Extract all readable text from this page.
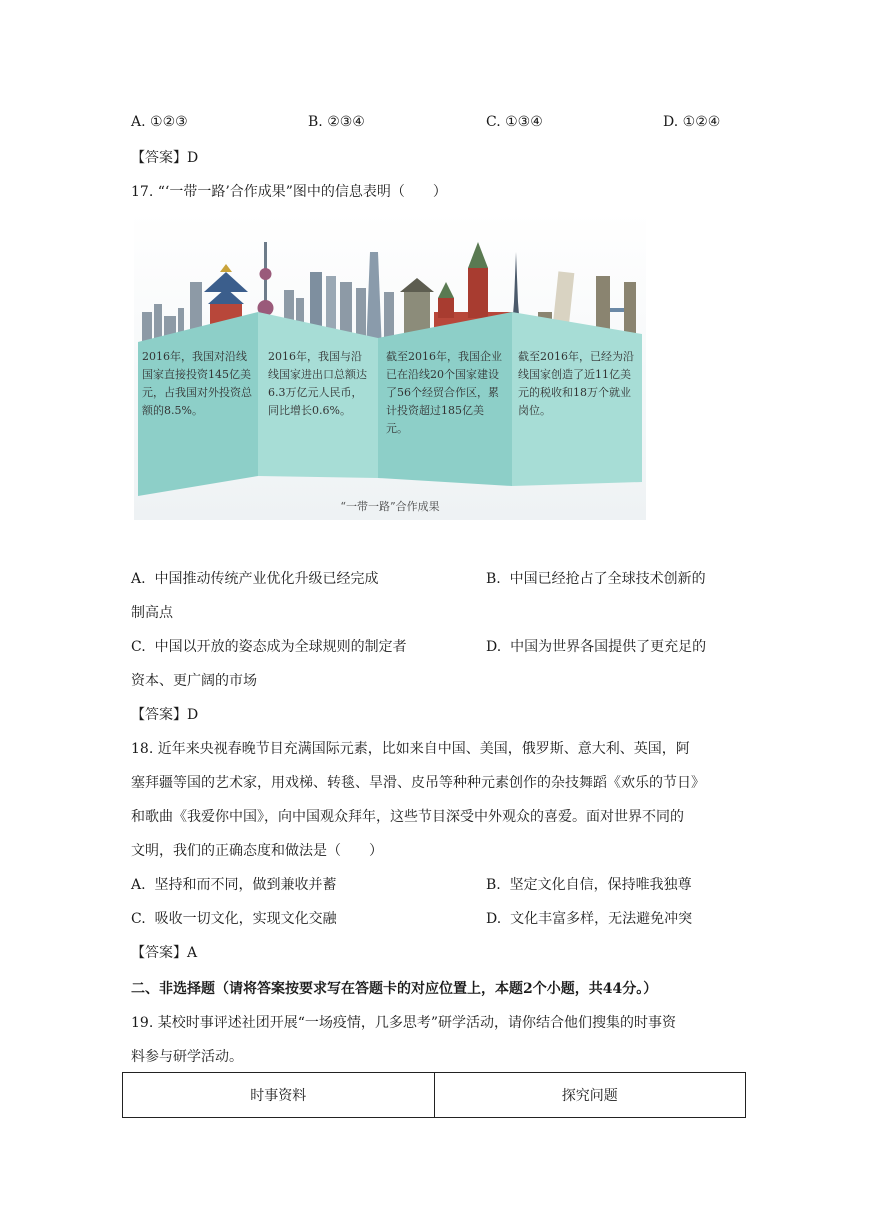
A. ①②③	B. ②③④	C. ①③④	D. ①②④
【答案】D
17. “‘一带一路’合作成果”图中的信息表明（　　）
2016年，我国对沿线国家直接投资145亿美元，占我国对外投资总额的8.5%。
2016年，我国与沿线国家进出口总额达6.3万亿元人民币，同比增长0.6%。
截至2016年，我国企业已在沿线20个国家建设了56个经贸合作区，累计投资超过185亿美元。
截至2016年，已经为沿线国家创造了近11亿美元的税收和18万个就业岗位。
“一带一路”合作成果
A. 中国推动传统产业优化升级已经完成	B. 中国已经抢占了全球技术创新的
制高点
C. 中国以开放的姿态成为全球规则的制定者	D. 中国为世界各国提供了更充足的
资本、更广阔的市场
【答案】D
18. 近年来央视春晚节目充满国际元素，比如来自中国、美国，俄罗斯、意大利、英国，阿
塞拜疆等国的艺术家，用戏梯、转毯、旱滑、皮吊等种种元素创作的杂技舞蹈《欢乐的节日》
和歌曲《我爱你中国》，向中国观众拜年，这些节目深受中外观众的喜爱。面对世界不同的
文明，我们的正确态度和做法是（　　）
A. 坚持和而不同，做到兼收并蓄	B. 坚定文化自信，保持唯我独尊
C. 吸收一切文化，实现文化交融	D. 文化丰富多样，无法避免冲突
【答案】A
二、非选择题（请将答案按要求写在答题卡的对应位置上，本题2个小题，共44分。）
19. 某校时事评述社团开展“一场疫情，几多思考”研学活动，请你结合他们搜集的时事资
料参与研学活动。
时事资料	探究问题
